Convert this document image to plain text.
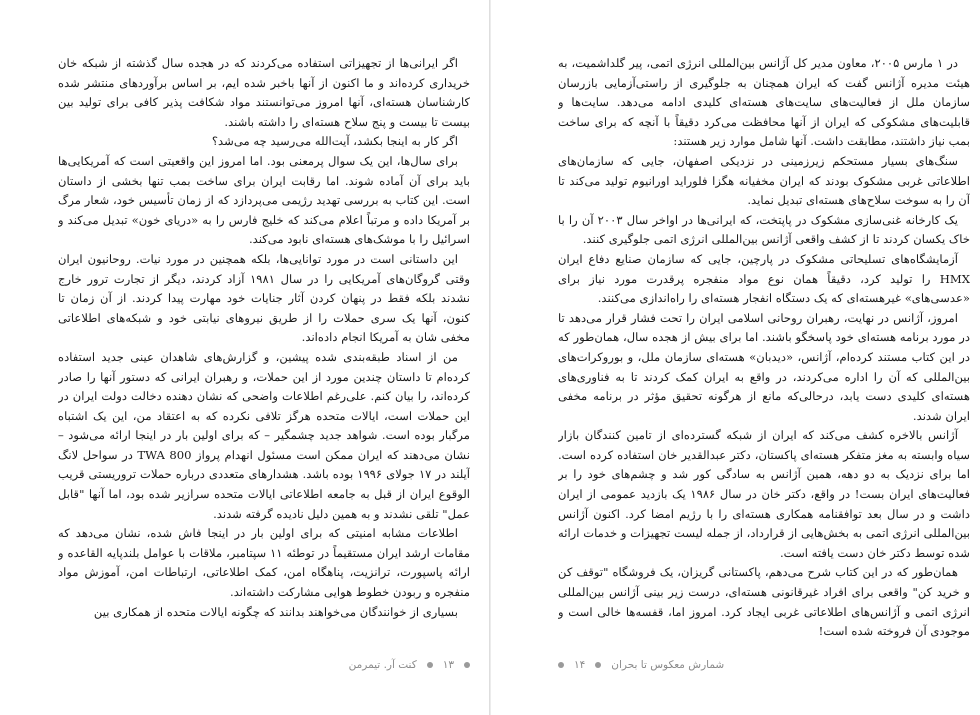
اگر ایرانی‌ها از تجهیزاتی استفاده می‌کردند که در هجده سال گذشته از شبکه خان خریداری کرده‌اند و ما اکنون از آنها باخبر شده ایم، بر اساس برآوردهای منتشر شده کارشناسان هسته‌ای، آنها امروز می‌توانستند مواد شکافت پذیر کافی برای تولید بین بیست تا بیست و پنج سلاح هسته‌ای را داشته باشند.

اگر کار به اینجا بکشد، آیت‌الله می‌رسید چه می‌شد؟

برای سال‌ها، این یک سوال پرمعنی بود. اما امروز این واقعیتی است که آمریکایی‌ها باید برای آن آماده شوند. اما رقابت ایران برای ساخت بمب تنها بخشی از داستان است. این کتاب به بررسی تهدید رژیمی می‌پردازد که از زمان تأسیس خود، شعار مرگ بر آمریکا داده و مرتباً اعلام می‌کند که خلیج فارس را به «دریای خون» تبدیل می‌کند و اسرائیل را با موشک‌های هسته‌ای نابود می‌کند.

این داستانی است در مورد توانایی‌ها، بلکه همچنین در مورد نیات. روحانیون ایران وقتی گروگان‌های آمریکایی را در سال ۱۹۸۱ آزاد کردند، دیگر از تجارت ترور خارج نشدند بلکه فقط در پنهان کردن آثار جنایات خود مهارت پیدا کردند. از آن زمان تا کنون، آنها یک سری حملات را از طریق نیروهای نیابتی خود و شبکه‌های اطلاعاتی مخفی شان به آمریکا انجام داده‌اند.

من از اسناد طبقه‌بندی شده پیشین، و گزارش‌های شاهدان عینی جدید استفاده کرده‌ام تا داستان چندین مورد از این حملات، و رهبران ایرانی که دستور آنها را صادر کرده‌اند، را بیان کنم. علی‌رغم اطلاعات واضحی که نشان دهنده دخالت دولت ایران در این حملات است، ایالات متحده هرگز تلافی نکرده که به اعتقاد من، این یک اشتباه مرگبار بوده است. شواهد جدید چشمگیر – که برای اولین بار در اینجا ارائه می‌شود – نشان می‌دهند که ایران ممکن است مسئول انهدام پرواز TWA 800 در سواحل لانگ آیلند در ۱۷ جولای ۱۹۹۶ بوده باشد. هشدارهای متعددی درباره حملات تروریستی قریب الوقوع ایران از قبل به جامعه اطلاعاتی ایالات متحده سرازیر شده بود، اما آنها "قابل عمل" تلقی نشدند و به همین دلیل نادیده گرفته شدند.

اطلاعات مشابه امنیتی که برای اولین بار در اینجا فاش شده، نشان می‌دهد که مقامات ارشد ایران مستقیماً در توطئه ۱۱ سپتامبر، ملاقات با عوامل بلندپایه القاعده و ارائه پاسپورت، ترانزیت، پناهگاه امن، کمک اطلاعاتی، ارتباطات امن، آموزش مواد منفجره و ربودن خطوط هوایی مشارکت داشته‌اند.

بسیاری از خوانندگان می‌خواهند بدانند که چگونه ایالات متحده از همکاری بین

۱۳
کنت آر. تیمرمن

در ۱ مارس ۲۰۰۵، معاون مدیر کل آژانس بین‌المللی انرژی اتمی، پیر گلداشمیت، به هیئت مدیره آژانس گفت که ایران همچنان به جلوگیری از راستی‌آزمایی بازرسان سازمان ملل از فعالیت‌های سایت‌های هسته‌ای کلیدی ادامه می‌دهد. سایت‌ها و قابلیت‌های مشکوکی که ایران از آنها محافظت می‌کرد دقیقاً با آنچه که برای ساخت بمب نیاز داشتند، مطابقت داشت. آنها شامل موارد زیر هستند:

سنگ‌های بسیار مستحکم زیرزمینی در نزدیکی اصفهان، جایی که سازمان‌های اطلاعاتی غربی مشکوک بودند که ایران مخفیانه هگزا فلوراید اورانیوم تولید می‌کند تا آن را به سوخت سلاح‌های هسته‌ای تبدیل نماید.

یک کارخانه غنی‌سازی مشکوک در پاپتخت، که ایرانی‌ها در اواخر سال ۲۰۰۳ آن را با خاک یکسان کردند تا از کشف واقعی آژانس بین‌المللی انرژی اتمی جلوگیری کنند.

آزمایشگاه‌های تسلیحاتی مشکوک در پارچین، جایی که سازمان صنایع دفاع ایران HMX را تولید کرد، دقیقاً همان نوع مواد منفجره پرقدرت مورد نیاز برای «عدسی‌های» غیرهسته‌ای که یک دستگاه انفجار هسته‌ای را راه‌اندازی می‌کنند.

امروز، آژانس در نهایت، رهبران روحانی اسلامی ایران را تحت فشار قرار می‌دهد تا در مورد برنامه هسته‌ای خود پاسخگو باشند. اما برای بیش از هجده سال، همان‌طور که در این کتاب مستند کرده‌ام، آژانس، «دیدبان» هسته‌ای سازمان ملل، و بوروکرات‌های بین‌المللی که آن را اداره می‌کردند، در واقع به ایران کمک کردند تا به فناوری‌های هسته‌ای کلیدی دست یابد، درحالی‌که مانع از هرگونه تحقیق مؤثر در برنامه مخفی ایران شدند.

آژانس بالاخره کشف می‌کند که ایران از شبکه گسترده‌ای از تامین کنندگان بازار سیاه وابسته به مغز متفکر هسته‌ای پاکستان، دکتر عبدالقدیر خان استفاده کرده است. اما برای نزدیک به دو دهه، همین آژانس به سادگی کور شد و چشم‌های خود را بر فعالیت‌های ایران بست! در واقع، دکتر خان در سال ۱۹۸۶ یک بازدید عمومی از ایران داشت و در سال بعد توافقنامه همکاری هسته‌ای را با رژیم امضا کرد. اکنون آژانس بین‌المللی انرژی اتمی به بخش‌هایی از قرارداد، از جمله لیست تجهیزات و خدمات ارائه شده توسط دکتر خان دست یافته است.

همان‌طور که در این کتاب شرح می‌دهم، پاکستانی گریزان، یک فروشگاه "توقف کن و خرید کن" واقعی برای افراد غیرقانونی هسته‌ای، درست زیر بینی آژانس بین‌المللی انرژی اتمی و آژانس‌های اطلاعاتی غربی ایجاد کرد. امروز اما، قفسه‌ها خالی است و موجودی آن فروخته شده است!

شمارش معکوس تا بحران
۱۴
